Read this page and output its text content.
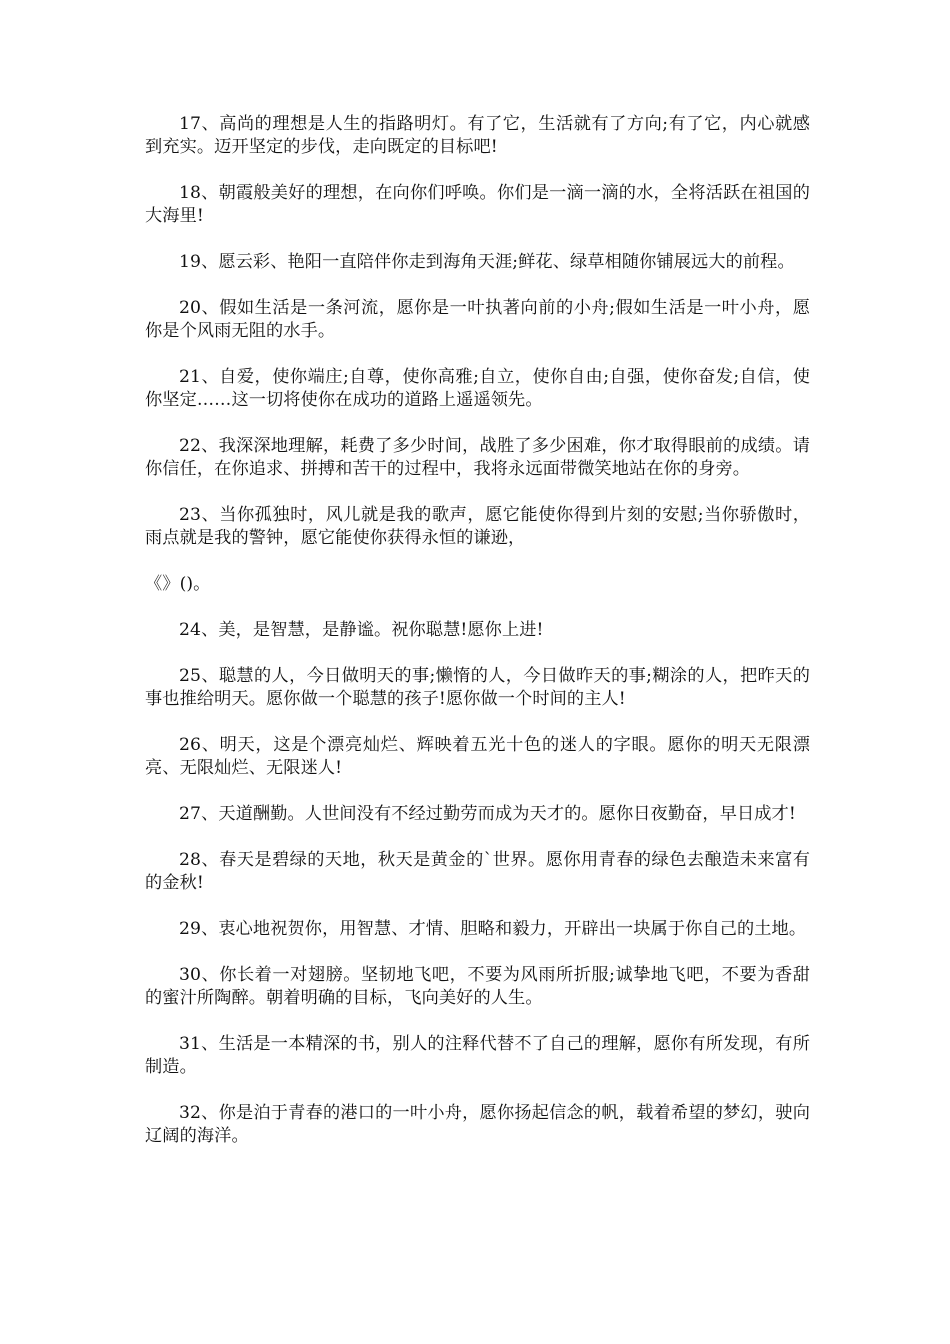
17、高尚的理想是人生的指路明灯。有了它，生活就有了方向;有了它，内心就感到充实。迈开坚定的步伐，走向既定的目标吧!

18、朝霞般美好的理想，在向你们呼唤。你们是一滴一滴的水，全将活跃在祖国的大海里!

19、愿云彩、艳阳一直陪伴你走到海角天涯;鲜花、绿草相随你铺展远大的前程。

20、假如生活是一条河流，愿你是一叶执著向前的小舟;假如生活是一叶小舟，愿你是个风雨无阻的水手。

21、自爱，使你端庄;自尊，使你高雅;自立，使你自由;自强，使你奋发;自信，使你坚定……这一切将使你在成功的道路上遥遥领先。

22、我深深地理解，耗费了多少时间，战胜了多少困难，你才取得眼前的成绩。请你信任，在你追求、拼搏和苦干的过程中，我将永远面带微笑地站在你的身旁。

23、当你孤独时，风儿就是我的歌声，愿它能使你得到片刻的安慰;当你骄傲时，雨点就是我的警钟，愿它能使你获得永恒的谦逊，

《》()。

24、美，是智慧，是静谧。祝你聪慧!愿你上进!

25、聪慧的人，今日做明天的事;懒惰的人，今日做昨天的事;糊涂的人，把昨天的事也推给明天。愿你做一个聪慧的孩子!愿你做一个时间的主人!

26、明天，这是个漂亮灿烂、辉映着五光十色的迷人的字眼。愿你的明天无限漂亮、无限灿烂、无限迷人!

27、天道酬勤。人世间没有不经过勤劳而成为天才的。愿你日夜勤奋，早日成才!

28、春天是碧绿的天地，秋天是黄金的`世界。愿你用青春的绿色去酿造未来富有的金秋!

29、衷心地祝贺你，用智慧、才情、胆略和毅力，开辟出一块属于你自己的土地。

30、你长着一对翅膀。坚韧地飞吧，不要为风雨所折服;诚挚地飞吧，不要为香甜的蜜汁所陶醉。朝着明确的目标，飞向美好的人生。

31、生活是一本精深的书，别人的注释代替不了自己的理解，愿你有所发现，有所制造。

32、你是泊于青春的港口的一叶小舟，愿你扬起信念的帆，载着希望的梦幻，驶向辽阔的海洋。
